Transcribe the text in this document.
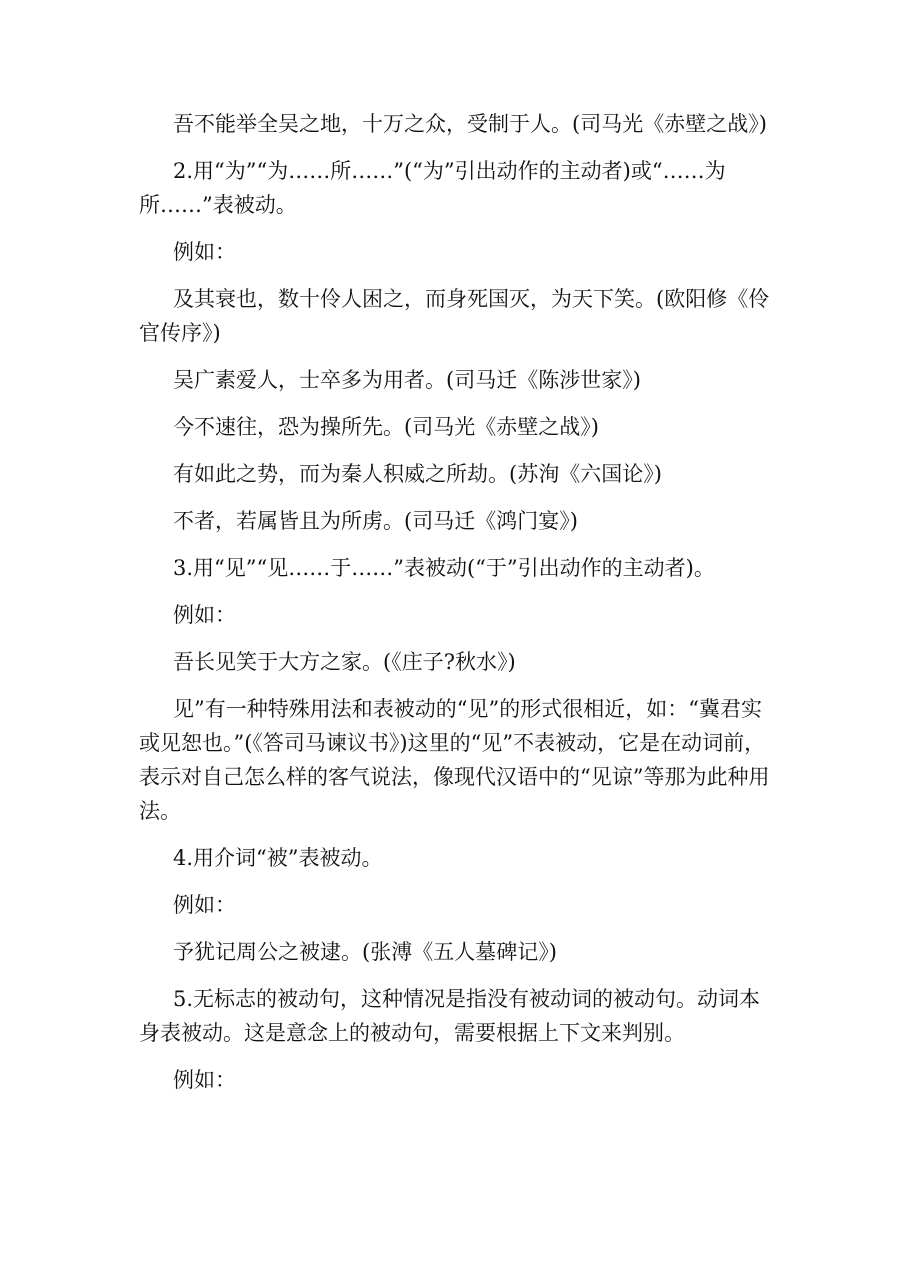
吾不能举全吴之地，十万之众，受制于人。(司马光《赤壁之战》)

2.用“为”“为……所……”(“为”引出动作的主动者)或“……为所……”表被动。

例如：

及其衰也，数十伶人困之，而身死国灭，为天下笑。(欧阳修《伶官传序》)

吴广素爱人，士卒多为用者。(司马迁《陈涉世家》)

今不速往，恐为操所先。(司马光《赤壁之战》)

有如此之势，而为秦人积威之所劫。(苏洵《六国论》)

不者，若属皆且为所虏。(司马迁《鸿门宴》)

3.用“见”“见……于……”表被动(“于”引出动作的主动者)。

例如：

吾长见笑于大方之家。(《庄子?秋水》)

见”有一种特殊用法和表被动的“见”的形式很相近，如：“冀君实或见恕也。”(《答司马谏议书》)这里的“见”不表被动，它是在动词前，表示对自己怎么样的客气说法，像现代汉语中的“见谅”等那为此种用法。

4.用介词“被”表被动。

例如：

予犹记周公之被逮。(张溥《五人墓碑记》)

5.无标志的被动句，这种情况是指没有被动词的被动句。动词本身表被动。这是意念上的被动句，需要根据上下文来判别。

例如：
